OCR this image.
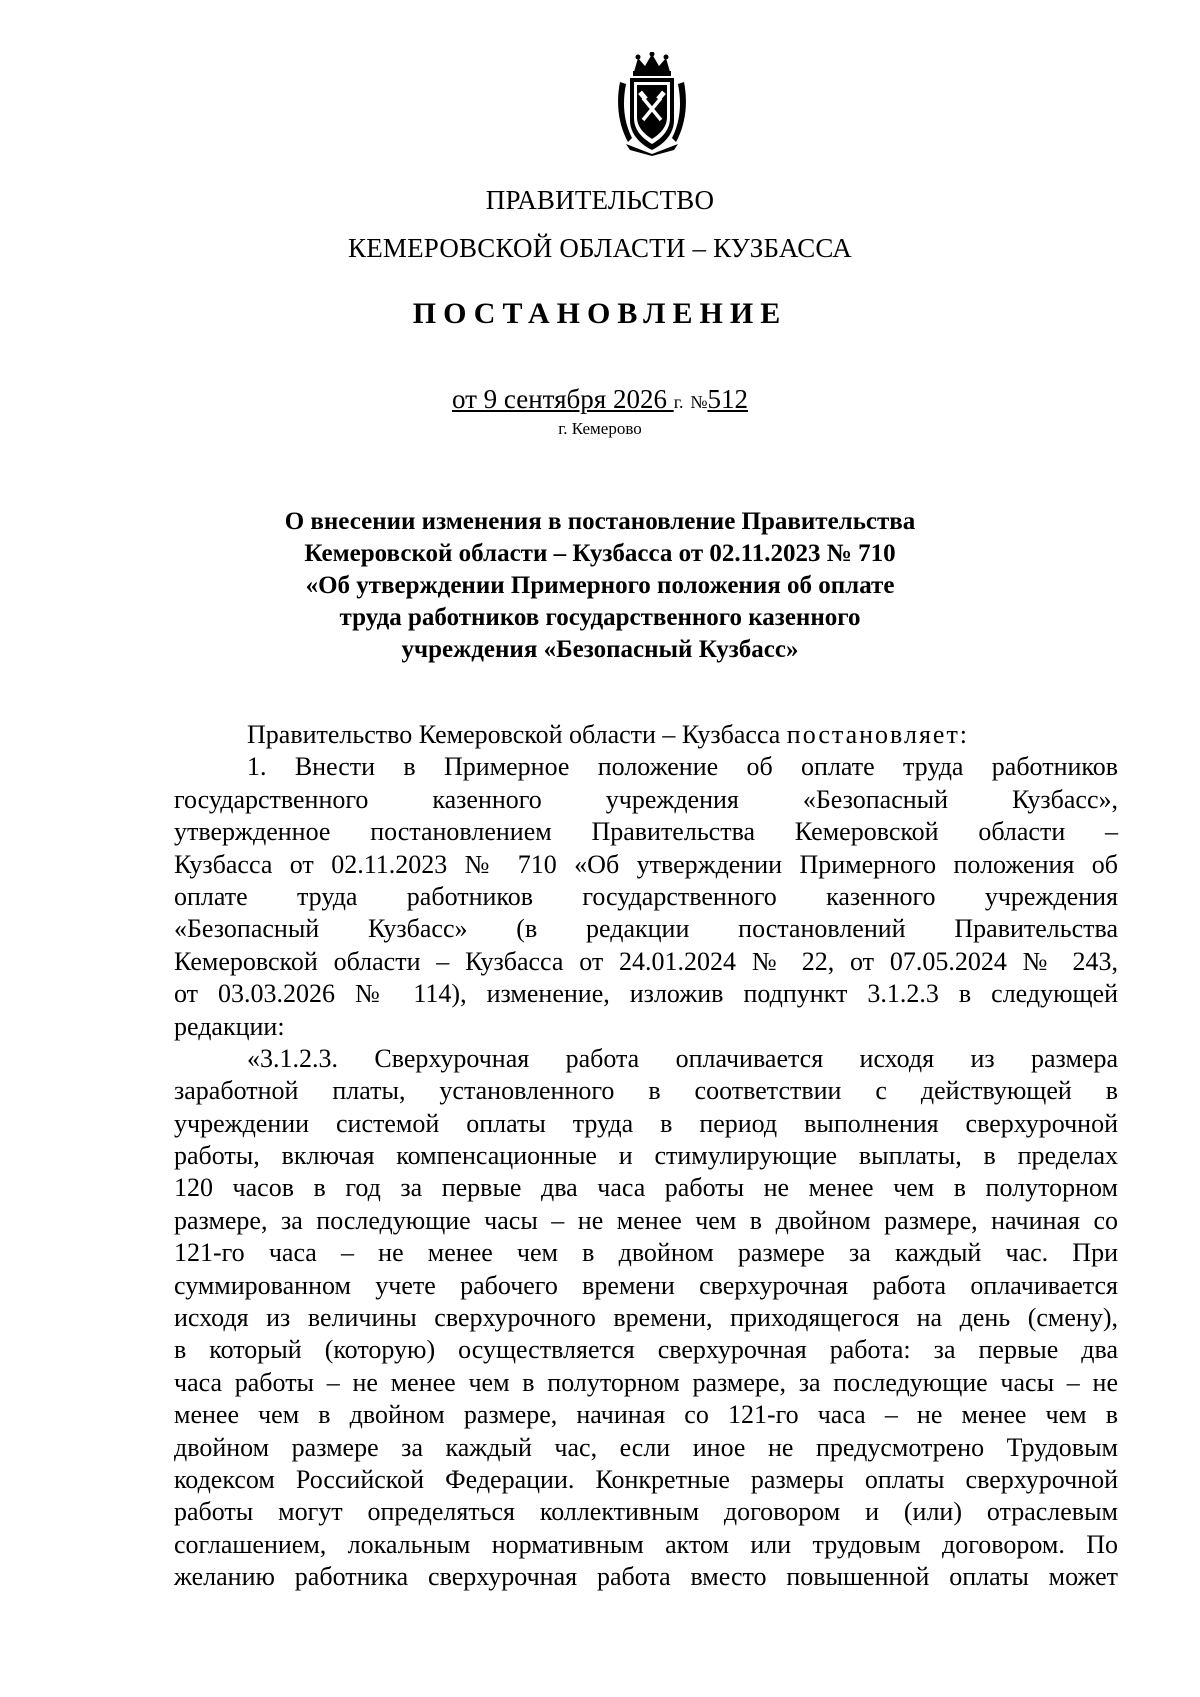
ПРАВИТЕЛЬСТВО
КЕМЕРОВСКОЙ ОБЛАСТИ – КУЗБАССА
ПОСТАНОВЛЕНИЕ
от 9 сентября 2026 г. №512
г. Кемерово
О внесении изменения в постановление Правительства
Кемеровской области – Кузбасса от 02.11.2023 № 710
«Об утверждении Примерного положения об оплате
труда работников государственного казенного
учреждения «Безопасный Кузбасс»
Правительство Кемеровской области – Кузбасса постановляет:
1. Внести в Примерное положение об оплате труда работников
государственного казенного учреждения «Безопасный Кузбасс»,
утвержденное постановлением Правительства Кемеровской области –
Кузбасса от 02.11.2023 № 710 «Об утверждении Примерного положения об
оплате труда работников государственного казенного учреждения
«Безопасный Кузбасс» (в редакции постановлений Правительства
Кемеровской области – Кузбасса от 24.01.2024 № 22, от 07.05.2024 № 243,
от 03.03.2026 № 114), изменение, изложив подпункт 3.1.2.3 в следующей
редакции:
«3.1.2.3. Сверхурочная работа оплачивается исходя из размера
заработной платы, установленного в соответствии с действующей в
учреждении системой оплаты труда в период выполнения сверхурочной
работы, включая компенсационные и стимулирующие выплаты, в пределах
120 часов в год за первые два часа работы не менее чем в полуторном
размере, за последующие часы – не менее чем в двойном размере, начиная со
121-го часа – не менее чем в двойном размере за каждый час. При
суммированном учете рабочего времени сверхурочная работа оплачивается
исходя из величины сверхурочного времени, приходящегося на день (смену),
в который (которую) осуществляется сверхурочная работа: за первые два
часа работы – не менее чем в полуторном размере, за последующие часы – не
менее чем в двойном размере, начиная со 121-го часа – не менее чем в
двойном размере за каждый час, если иное не предусмотрено Трудовым
кодексом Российской Федерации. Конкретные размеры оплаты сверхурочной
работы могут определяться коллективным договором и (или) отраслевым
соглашением, локальным нормативным актом или трудовым договором. По
желанию работника сверхурочная работа вместо повышенной оплаты может
